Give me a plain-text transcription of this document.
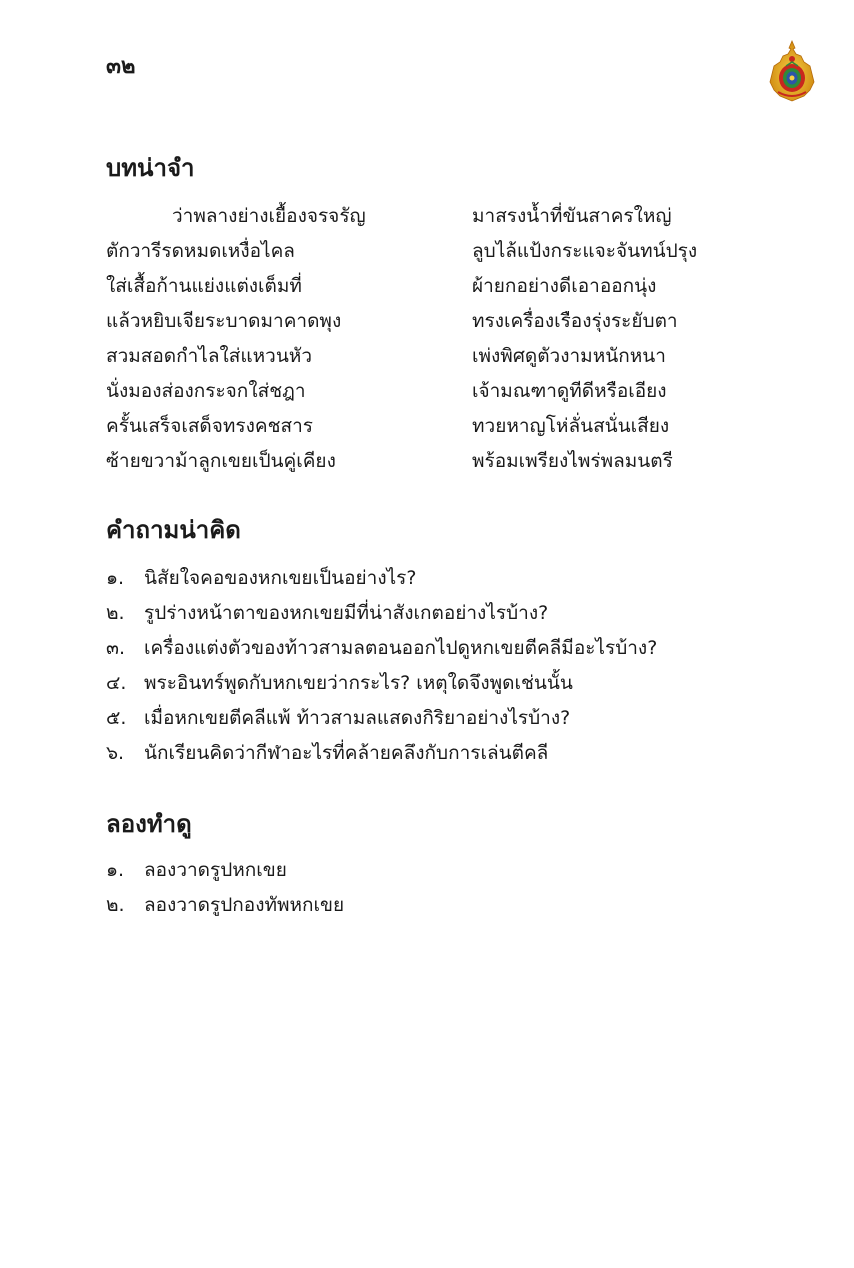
๓๒
บทน่าจำ
ว่าพลางย่างเยื้องจรจรัญ	มาสรงน้ำที่ขันสาครใหญ่
ตักวารีรดหมดเหงื่อไคล	ลูบไล้แป้งกระแจะจันทน์ปรุง
ใส่เสื้อก้านแย่งแต่งเต็มที่	ผ้ายกอย่างดีเอาออกนุ่ง
แล้วหยิบเจียระบาดมาคาดพุง	ทรงเครื่องเรืองรุ่งระยับตา
สวมสอดกำไลใส่แหวนหัว	เพ่งพิศดูตัวงามหนักหนา
นั่งมองส่องกระจกใส่ชฎา	เจ้ามณฑาดูทีดีหรือเอียง
ครั้นเสร็จเสด็จทรงคชสาร	ทวยหาญโห่ลั่นสนั่นเสียง
ซ้ายขวาม้าลูกเขยเป็นคู่เคียง	พร้อมเพรียงไพร่พลมนตรี
คำถามน่าคิด
๑. นิสัยใจคอของหกเขยเป็นอย่างไร?
๒. รูปร่างหน้าตาของหกเขยมีที่น่าสังเกตอย่างไรบ้าง?
๓. เครื่องแต่งตัวของท้าวสามลตอนออกไปดูหกเขยตีคลีมีอะไรบ้าง?
๔. พระอินทร์พูดกับหกเขยว่ากระไร? เหตุใดจึงพูดเช่นนั้น
๕. เมื่อหกเขยตีคลีแพ้ ท้าวสามลแสดงกิริยาอย่างไรบ้าง?
๖. นักเรียนคิดว่ากีฬาอะไรที่คล้ายคลึงกับการเล่นตีคลี
ลองทำดู
๑. ลองวาดรูปหกเขย
๒. ลองวาดรูปกองทัพหกเขย
